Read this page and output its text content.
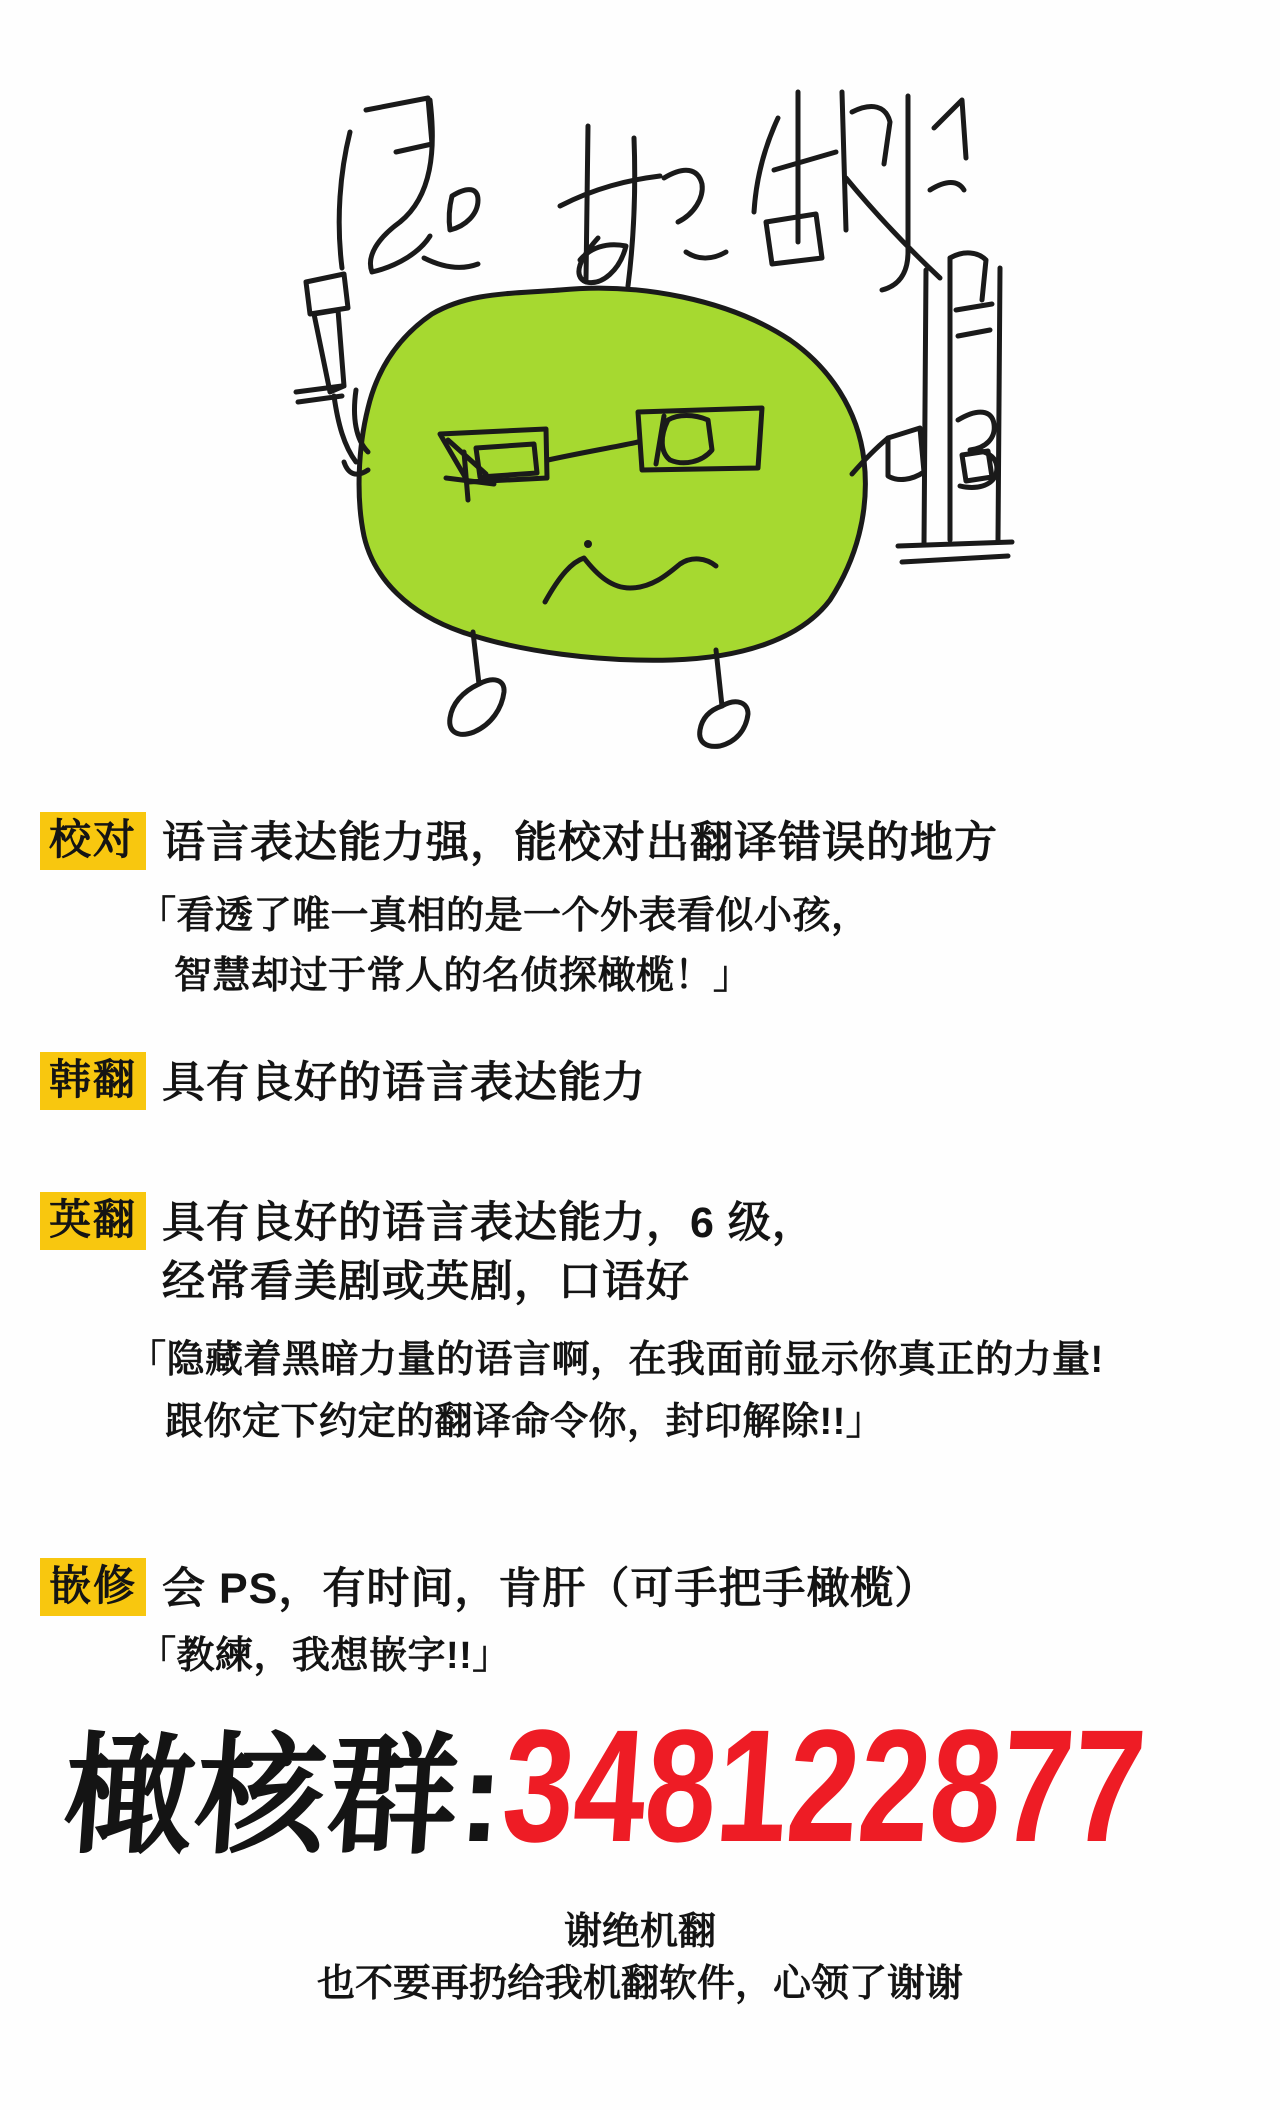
校对 语言表达能力强，能校对出翻译错误的地方
「看透了唯一真相的是一个外表看似小孩，
智慧却过于常人的名侦探橄榄！」
韩翻 具有良好的语言表达能力
英翻 具有良好的语言表达能力，6 级，
经常看美剧或英剧，口语好
「隐藏着黑暗力量的语言啊，在我面前显示你真正的力量!
跟你定下约定的翻译命令你，封印解除!!」
嵌修 会 PS，有时间，肯肝（可手把手橄榄）
「教練，我想嵌字!!」
橄核群:348122877
谢绝机翻
也不要再扔给我机翻软件，心领了谢谢
